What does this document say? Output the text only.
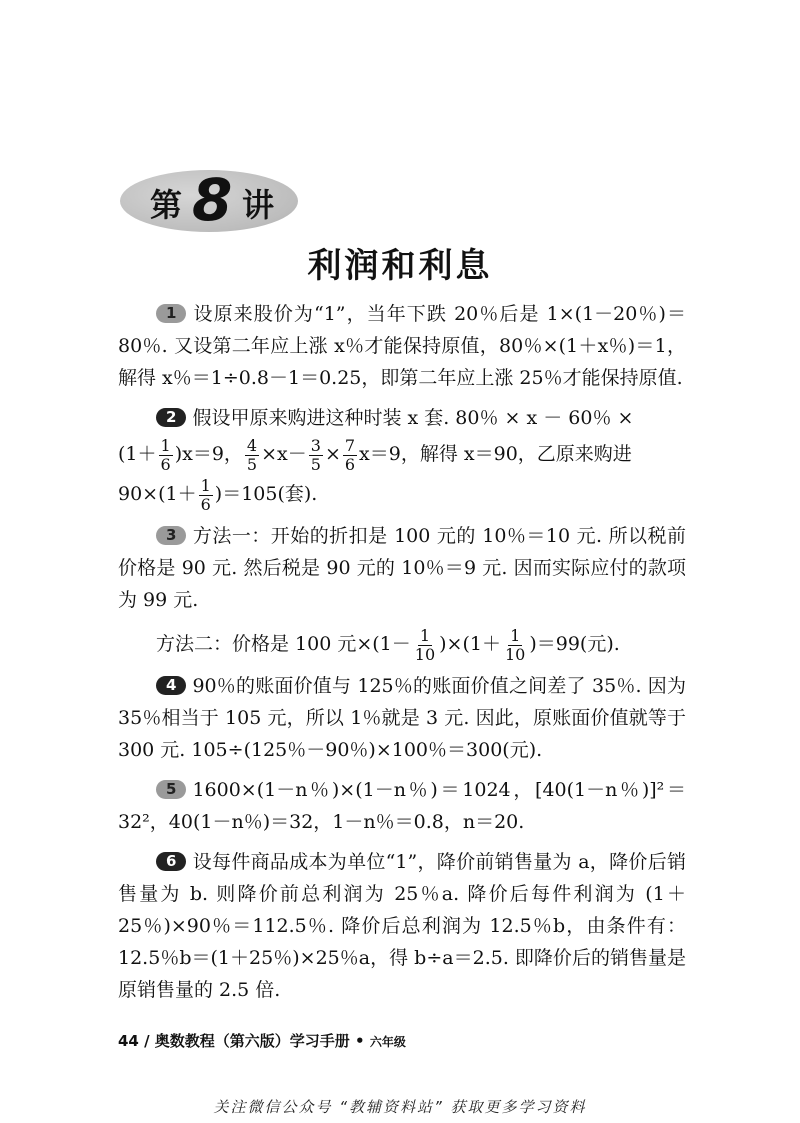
第 8 讲
利润和利息

1 设原来股价为“1”，当年下跌 20％后是 1×(1－20％)＝80％. 又设第二年应上涨 x％才能保持原值，80％×(1＋x％)＝1，解得 x％＝1÷0.8－1＝0.25，即第二年应上涨 25％才能保持原值.

2 假设甲原来购进这种时装 x 套. 80％ × x － 60％ ×

$(1+ \frac{1}{6} )x=9$， $\frac{4}{5} \times x- \frac{3}{5} \times \frac{7}{6} x=9$，解得 x＝90，乙原来购进
$90\times(1+ \frac{1}{6} )=105$(套).

3 方法一：开始的折扣是 100 元的 10％＝10 元. 所以税前价格是 90 元. 然后税是 90 元的 10％＝9 元. 因而实际应付的款项为 99 元.

方法二：价格是 100 元$\times(1- \frac{1}{10} )\times(1+ \frac{1}{10} )=99$(元).

4 90％的账面价值与 125％的账面价值之间差了 35％. 因为 35％相当于 105 元，所以 1％就是 3 元. 因此，原账面价值就等于 300 元. 105÷(125％－90％)×100％＝300(元).

5 1600×(1－n％)×(1－n％)＝1024，[40(1－n％)]²＝32²，40(1－n％)＝32，1－n％＝0.8，n＝20.

6 设每件商品成本为单位“1”，降价前销售量为 a，降价后销售量为 b. 则降价前总利润为 25％a. 降价后每件利润为 (1＋25％)×90％＝112.5％. 降价后总利润为 12.5％b，由条件有：12.5％b＝(1＋25％)×25％a，得 b÷a＝2.5. 即降价后的销售量是原销售量的 2.5 倍.

44 / 奥数教程（第六版）学习手册 • 六年级
关注微信公众号 “教辅资料站” 获取更多学习资料
